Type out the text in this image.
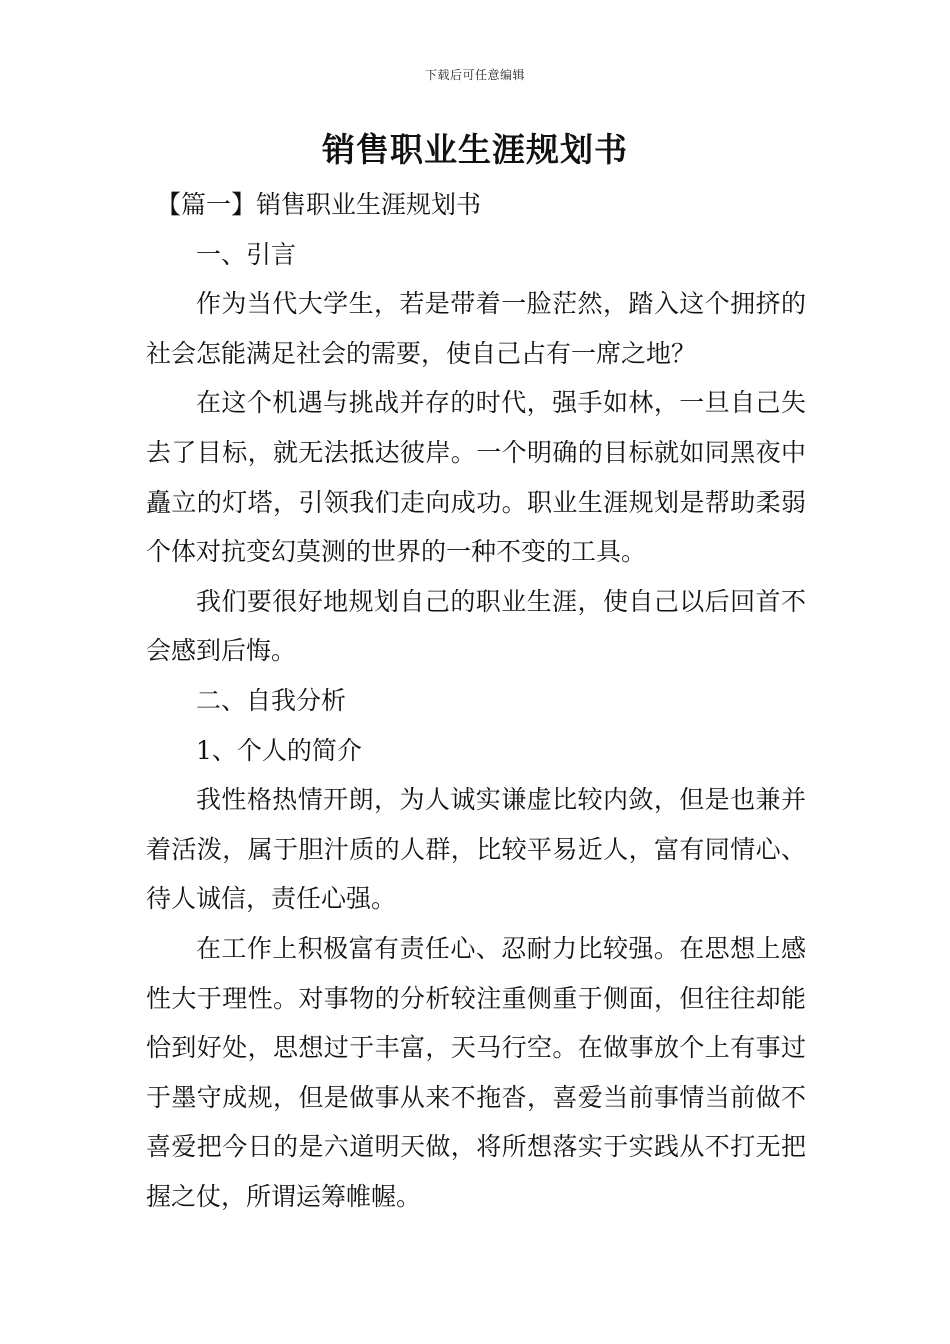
下载后可任意编辑
销售职业生涯规划书

【篇一】销售职业生涯规划书

一、引言

作为当代大学生，若是带着一脸茫然，踏入这个拥挤的社会怎能满足社会的需要，使自己占有一席之地？

在这个机遇与挑战并存的时代，强手如林，一旦自己失去了目标，就无法抵达彼岸。一个明确的目标就如同黑夜中矗立的灯塔，引领我们走向成功。职业生涯规划是帮助柔弱个体对抗变幻莫测的世界的一种不变的工具。

我们要很好地规划自己的职业生涯，使自己以后回首不会感到后悔。

二、自我分析

1、个人的简介

我性格热情开朗，为人诚实谦虚比较内敛，但是也兼并着活泼，属于胆汁质的人群，比较平易近人，富有同情心、待人诚信，责任心强。

在工作上积极富有责任心、忍耐力比较强。在思想上感性大于理性。对事物的分析较注重侧重于侧面，但往往却能恰到好处，思想过于丰富，天马行空。在做事放个上有事过于墨守成规，但是做事从来不拖沓，喜爱当前事情当前做不喜爱把今日的是六道明天做，将所想落实于实践从不打无把握之仗，所谓运筹帷幄。
